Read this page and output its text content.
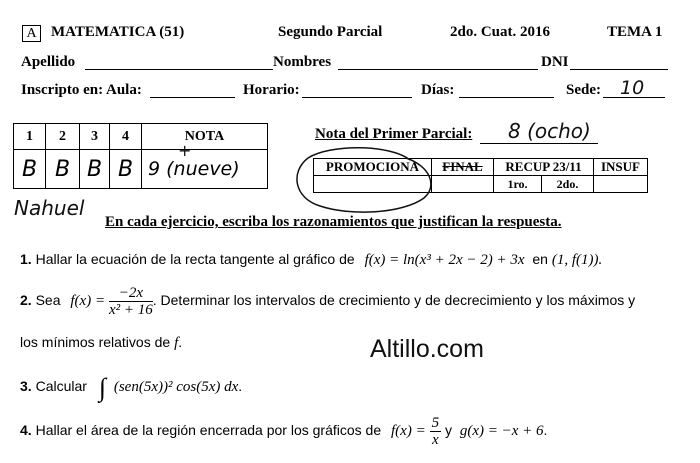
A MATEMATICA (51)	Segundo Parcial	2do. Cuat. 2016	TEMA 1
Apellido	Nombres	DNI
Inscripto en: Aula:	Horario:	Días:	Sede: 10
1	2	3	4	NOTA
B	B	B	B	9 (nueve)
+
Nahuel
Nota del Primer Parcial: 8 (ocho)
PROMOCIONA	FINAL	RECUP 23/11		INSUF
		1ro.	2do.	
En cada ejercicio, escriba los razonamientos que justifican la respuesta.
1. Hallar la ecuación de la recta tangente al gráfico de f(x) = ln(x³ + 2x − 2) + 3x en (1, f(1)).
2. Sea $f(x) = \frac{-2x}{\text{x² + 16}}$ . Determinar los intervalos de crecimiento y de decrecimiento y los máximos y
los mínimos relativos de f.	Altillo.com
3. Calcular ∫ (sen(5x))² cos(5x) dx.
4. Hallar el área de la región encerrada por los gráficos de $f(x) = \frac{5}{x}$ y g(x) = −x + 6.
